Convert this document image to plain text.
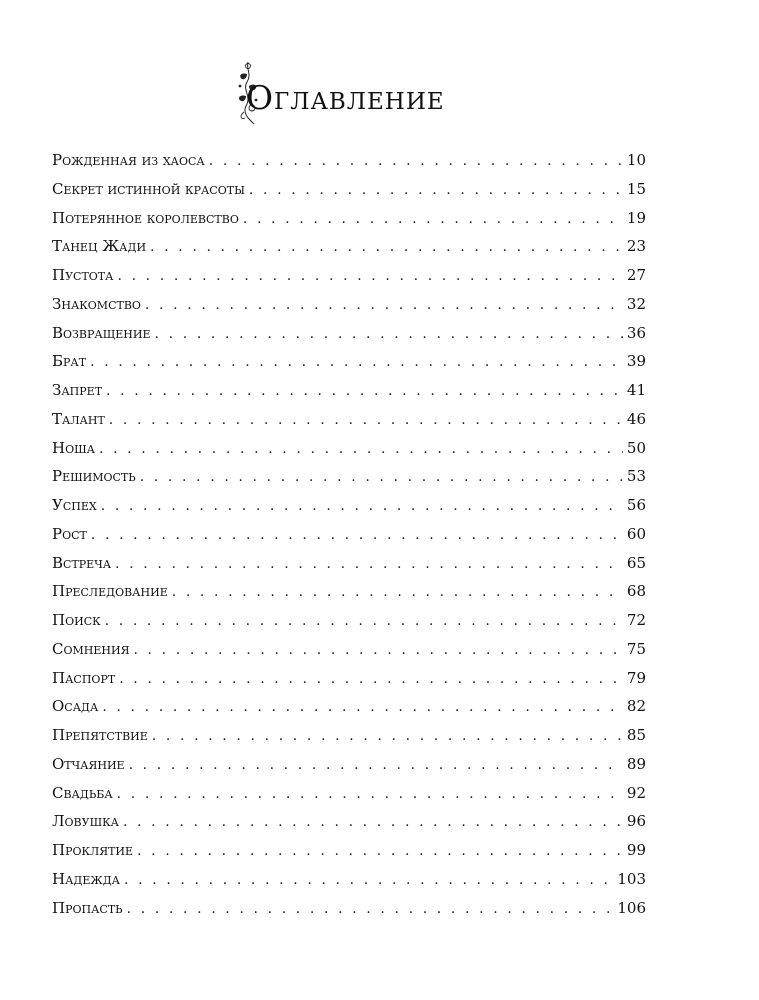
Оглавление
Рожденная из хаоса . . .	10
Секрет истинной красоты . . .	15
Потерянное королевство . . .	19
Танец Жади . . .	23
Пустота . . .	27
Знакомство . . .	32
Возвращение . . .	36
Брат . . .	39
Запрет . . .	41
Талант . . .	46
Ноша . . .	50
Решимость . . .	53
Успех . . .	56
Рост . . .	60
Встреча . . .	65
Преследование . . .	68
Поиск . . .	72
Сомнения . . .	75
Паспорт . . .	79
Осада . . .	82
Препятствие . . .	85
Отчаяние . . .	89
Свадьба . . .	92
Ловушка . . .	96
Проклятие . . .	99
Надежда . . .	103
Пропасть . . .	106
